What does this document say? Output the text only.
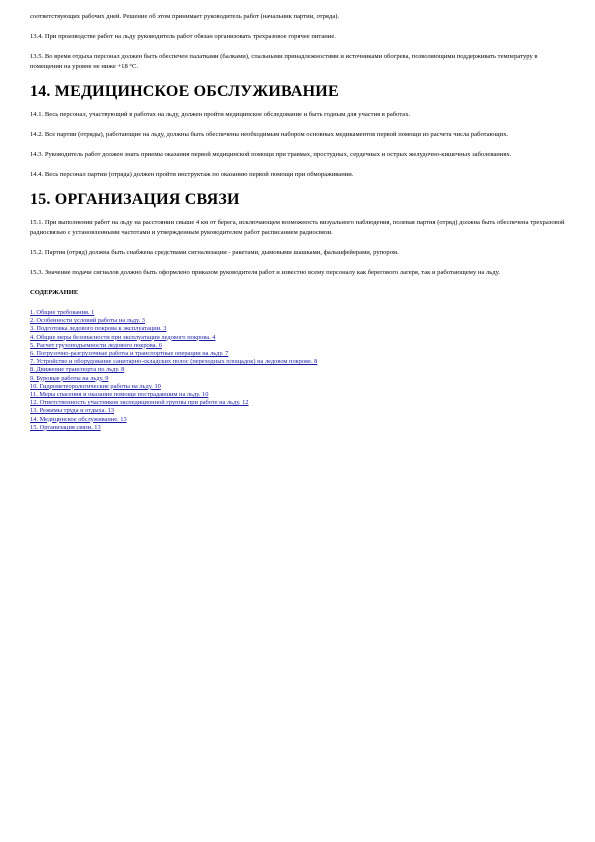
соответствующих рабочих дней. Решение об этом принимает руководитель работ (начальник партии, отряда).

13.4. При производстве работ на льду руководитель работ обязан организовать трехразовое горячее питание.

13.5. Во время отдыха персонал должен быть обеспечен палатками (балками), спальными принадлежностями и источниками обогрева, позволяющими поддерживать температуру в помещении на уровне не ниже +18 °С.

14. МЕДИЦИНСКОЕ ОБСЛУЖИВАНИЕ

14.1. Весь персонал, участвующий в работах на льду, должен пройти медицинское обследование и быть годным для участия в работах.

14.2. Все партии (отряды), работающие на льду, должны быть обеспечены необходимым набором основных медикаментов первой помощи из расчета числа работающих.

14.3. Руководитель работ должен знать приемы оказания первой медицинской помощи при травмах, простудных, сердечных и острых желудочно-кишечных заболеваниях.

14.4. Весь персонал партии (отряда) должен пройти инструктаж по оказанию первой помощи при обмораживании.

15. ОРГАНИЗАЦИЯ СВЯЗИ

15.1. При выполнении работ на льду на расстоянии свыше 4 км от берега, исключающем возможность визуального наблюдения, полевая партия (отряд) должна быть обеспечена трехразовой радиосвязью с установленными частотами и утвержденным руководителем работ расписанием радиосвязи.

15.2. Партия (отряд) должна быть снабжена средствами сигнализации - ракетами, дымовыми шашками, фальшфейерами, рупором.

15.3. Значение подачи сигналов должно быть оформлено приказом руководителя работ и известно всему персоналу как берегового лагеря, так и работающему на льду.

СОДЕРЖАНИЕ
1. Общие требования. 1
2. Особенности условий работы на льду. 3
3. Подготовка ледового покрова к эксплуатации. 3
4. Общие меры безопасности при эксплуатации ледового покрова. 4
5. Расчет грузоподъемности ледового покрова. 6
6. Погрузочно-разгрузочные работы и транспортные операции на льду. 7
7. Устройство и оборудование санитарно-складских полос (переходных площадок) на ледовом покрове. 8
8. Движение транспорта по льду. 8
9. Буровые работы на льду. 9
10. Гидрометеорологические работы на льду. 10
11. Меры спасения и оказание помощи пострадавшим на льду. 10
12. Ответственность участников экспедиционной группы при работе на льду. 12
13. Режимы труда и отдыха. 13
14. Медицинское обслуживание. 13
15. Организация связи. 13
